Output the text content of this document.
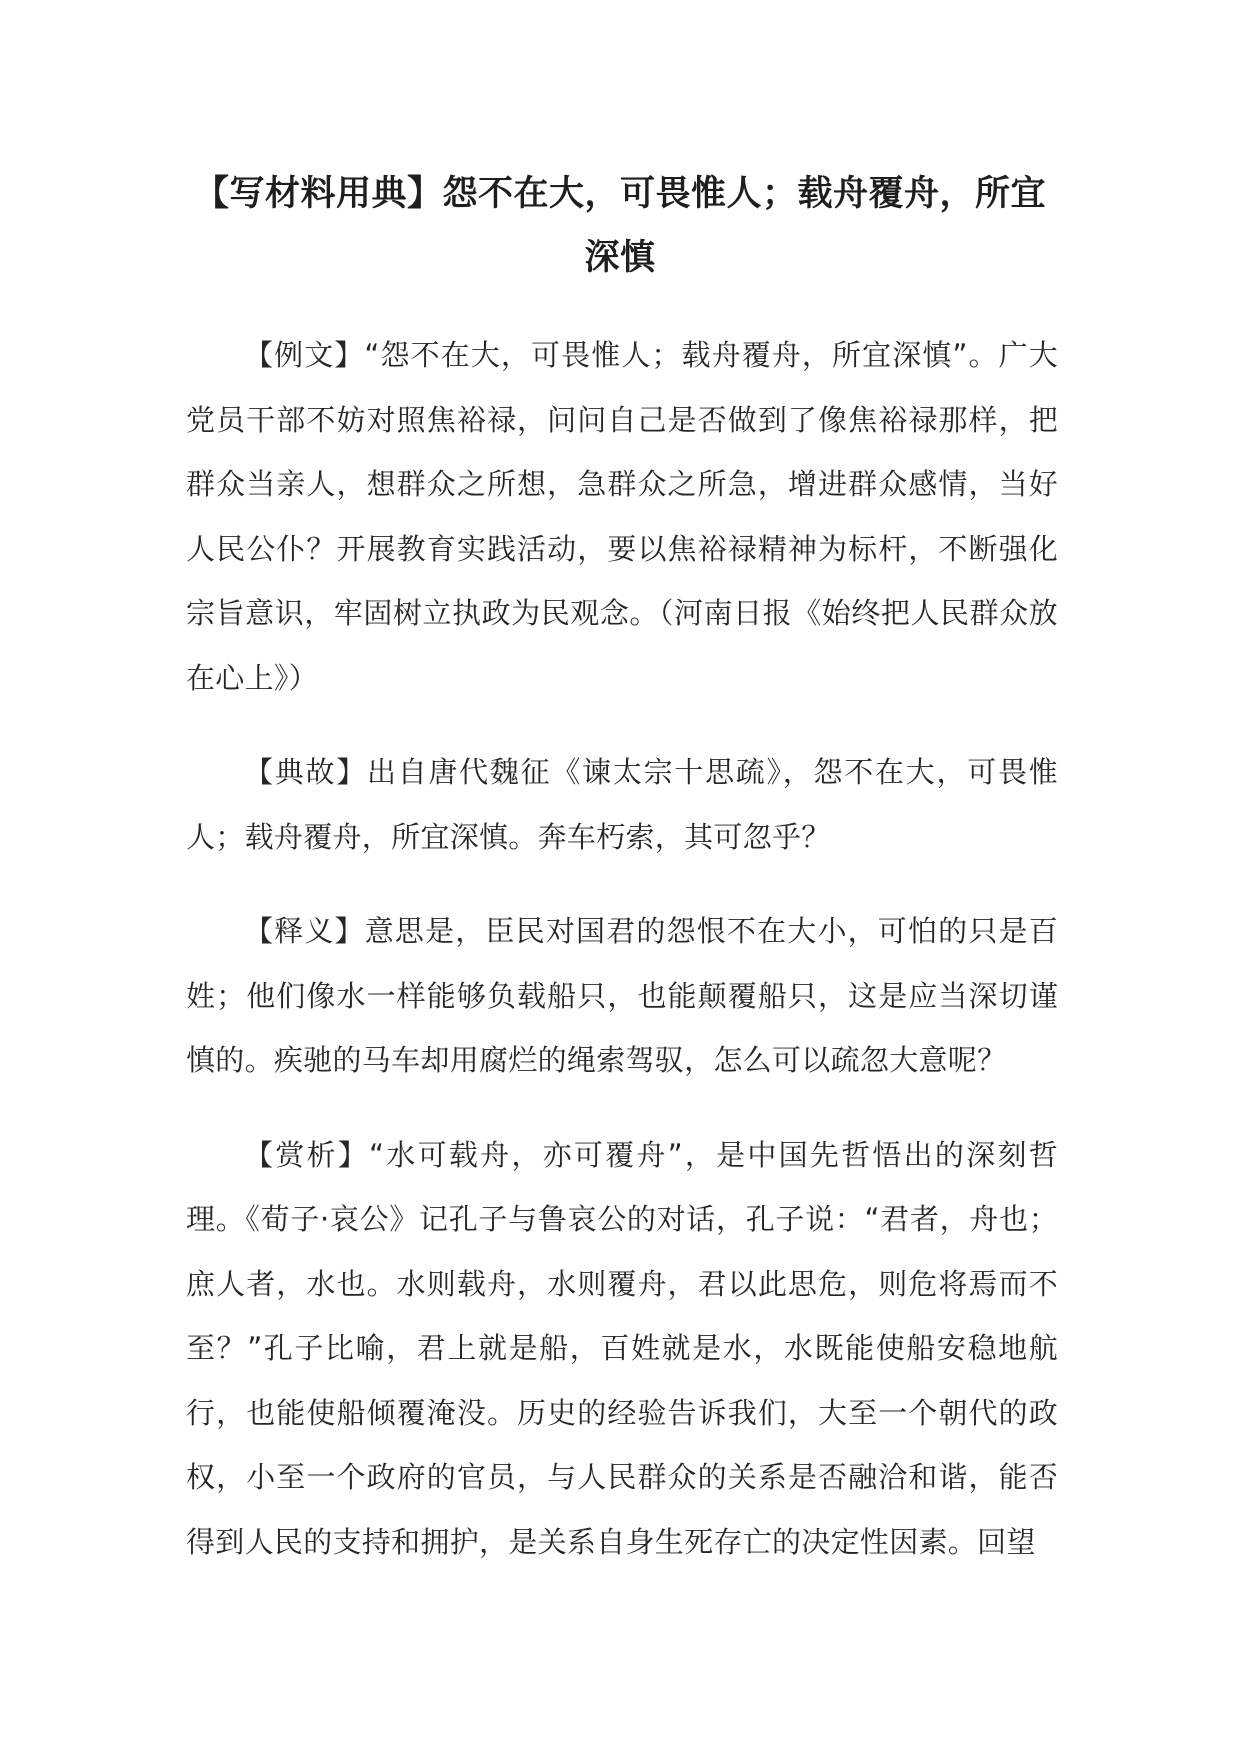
【写材料用典】怨不在大，可畏惟人；载舟覆舟，所宜深慎

【例文】“怨不在大，可畏惟人；载舟覆舟，所宜深慎”。广大党员干部不妨对照焦裕禄，问问自己是否做到了像焦裕禄那样，把群众当亲人，想群众之所想，急群众之所急，增进群众感情，当好人民公仆？开展教育实践活动，要以焦裕禄精神为标杆，不断强化宗旨意识，牢固树立执政为民观念。（河南日报《始终把人民群众放在心上》）

【典故】出自唐代魏征《谏太宗十思疏》，怨不在大，可畏惟人；载舟覆舟，所宜深慎。奔车朽索，其可忽乎？

【释义】意思是，臣民对国君的怨恨不在大小，可怕的只是百姓；他们像水一样能够负载船只，也能颠覆船只，这是应当深切谨慎的。疾驰的马车却用腐烂的绳索驾驭，怎么可以疏忽大意呢？

【赏析】“水可载舟，亦可覆舟”，是中国先哲悟出的深刻哲理。《荀子·哀公》记孔子与鲁哀公的对话，孔子说：“君者，舟也；庶人者，水也。水则载舟，水则覆舟，君以此思危，则危将焉而不至？”孔子比喻，君上就是船，百姓就是水，水既能使船安稳地航行，也能使船倾覆淹没。历史的经验告诉我们，大至一个朝代的政权，小至一个政府的官员，与人民群众的关系是否融洽和谐，能否得到人民的支持和拥护，是关系自身生死存亡的决定性因素。回望
